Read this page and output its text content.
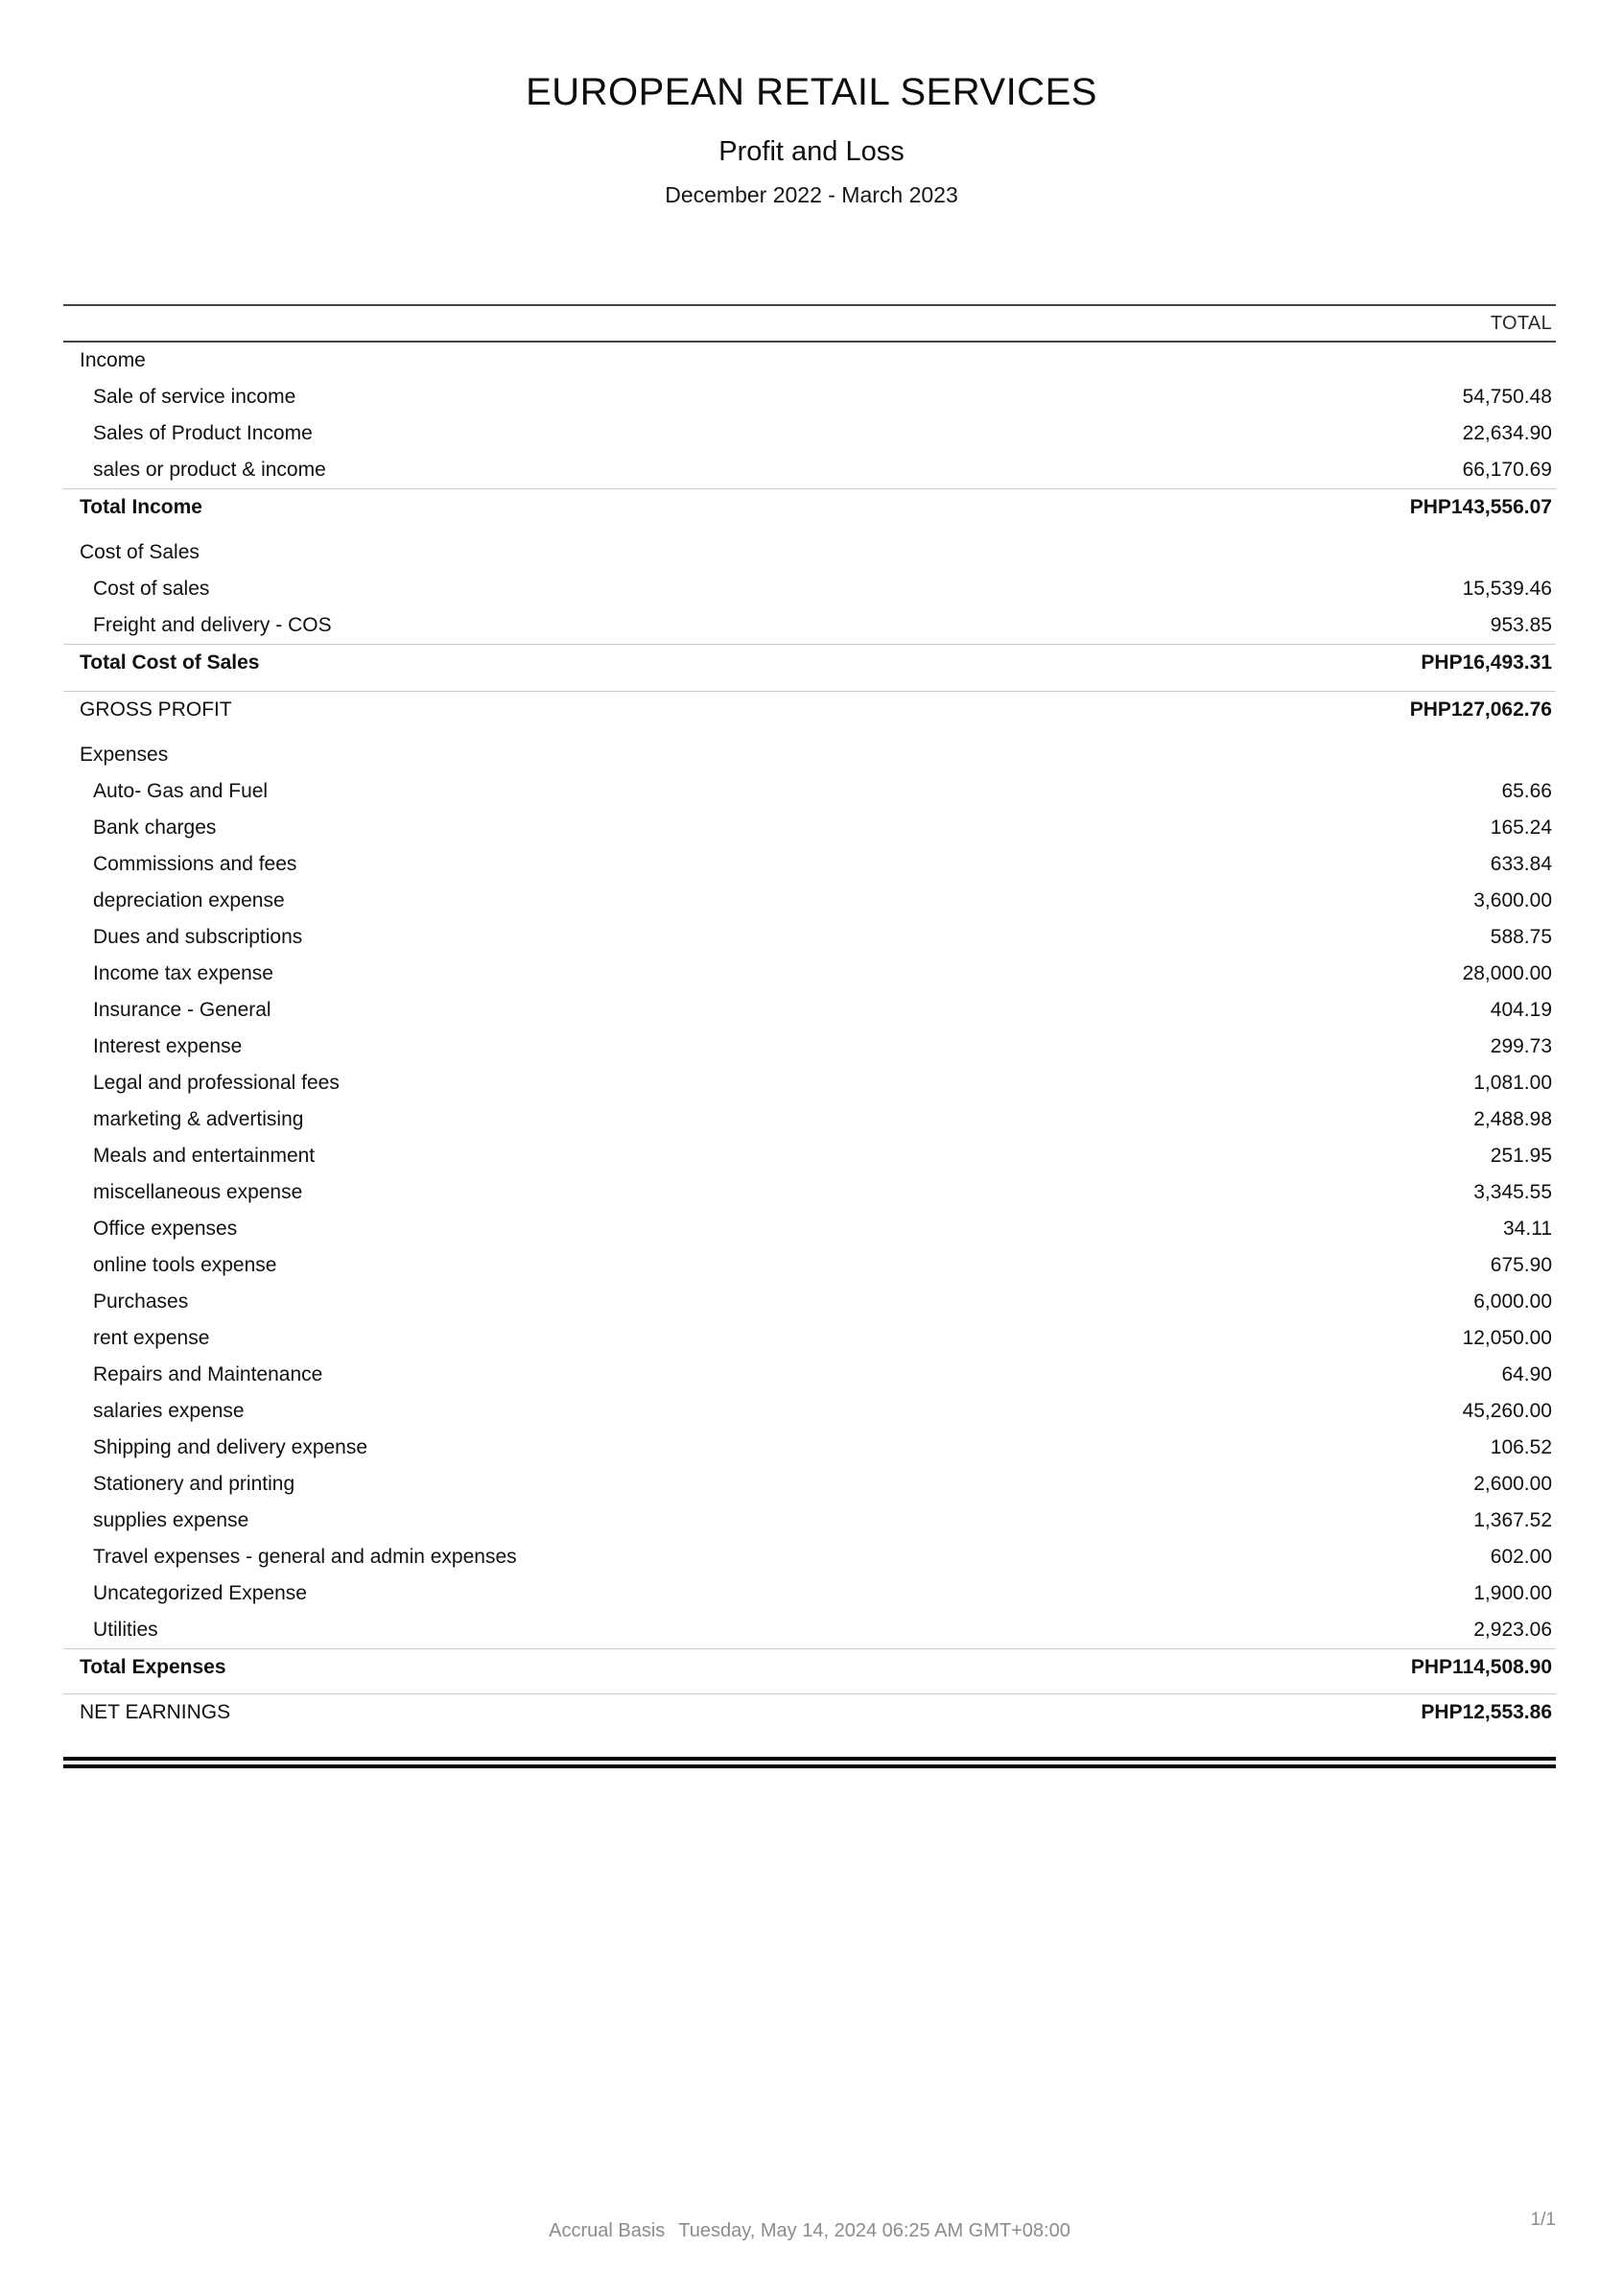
EUROPEAN RETAIL SERVICES
Profit and Loss
December 2022 - March 2023
TOTAL
Income
Sale of service income	54,750.48
Sales of Product Income	22,634.90
sales or product & income	66,170.69
Total Income	PHP143,556.07
Cost of Sales
Cost of sales	15,539.46
Freight and delivery - COS	953.85
Total Cost of Sales	PHP16,493.31
GROSS PROFIT	PHP127,062.76
Expenses
Auto- Gas and Fuel	65.66
Bank charges	165.24
Commissions and fees	633.84
depreciation expense	3,600.00
Dues and subscriptions	588.75
Income tax expense	28,000.00
Insurance - General	404.19
Interest expense	299.73
Legal and professional fees	1,081.00
marketing & advertising	2,488.98
Meals and entertainment	251.95
miscellaneous expense	3,345.55
Office expenses	34.11
online tools expense	675.90
Purchases	6,000.00
rent expense	12,050.00
Repairs and Maintenance	64.90
salaries expense	45,260.00
Shipping and delivery expense	106.52
Stationery and printing	2,600.00
supplies expense	1,367.52
Travel expenses - general and admin expenses	602.00
Uncategorized Expense	1,900.00
Utilities	2,923.06
Total Expenses	PHP114,508.90
NET EARNINGS	PHP12,553.86
Accrual Basis Tuesday, May 14, 2024 06:25 AM GMT+08:00
1/1
